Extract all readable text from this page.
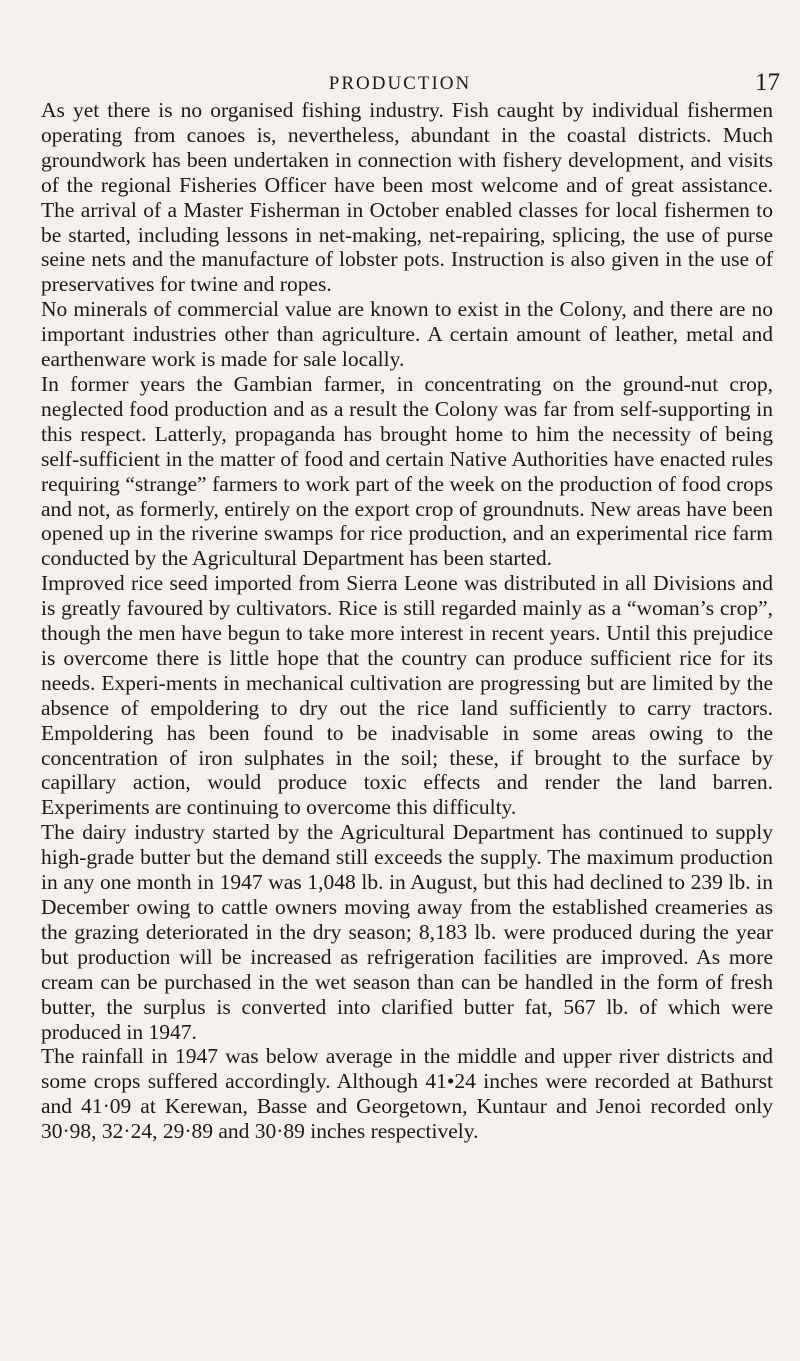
PRODUCTION	17

As yet there is no organised fishing industry. Fish caught by individual fishermen operating from canoes is, nevertheless, abundant in the coastal districts. Much groundwork has been undertaken in connection with fishery development, and visits of the regional Fisheries Officer have been most welcome and of great assistance. The arrival of a Master Fisherman in October enabled classes for local fishermen to be started, including lessons in net-making, net-repairing, splicing, the use of purse seine nets and the manufacture of lobster pots. Instruction is also given in the use of preservatives for twine and ropes.

No minerals of commercial value are known to exist in the Colony, and there are no important industries other than agriculture. A certain amount of leather, metal and earthenware work is made for sale locally.

In former years the Gambian farmer, in concentrating on the ground-nut crop, neglected food production and as a result the Colony was far from self-supporting in this respect. Latterly, propaganda has brought home to him the necessity of being self-sufficient in the matter of food and certain Native Authorities have enacted rules requiring “strange” farmers to work part of the week on the production of food crops and not, as formerly, entirely on the export crop of groundnuts. New areas have been opened up in the riverine swamps for rice production, and an experimental rice farm conducted by the Agricultural Department has been started.

Improved rice seed imported from Sierra Leone was distributed in all Divisions and is greatly favoured by cultivators. Rice is still regarded mainly as a “woman’s crop”, though the men have begun to take more interest in recent years. Until this prejudice is overcome there is little hope that the country can produce sufficient rice for its needs. Experi-ments in mechanical cultivation are progressing but are limited by the absence of empoldering to dry out the rice land sufficiently to carry tractors. Empoldering has been found to be inadvisable in some areas owing to the concentration of iron sulphates in the soil; these, if brought to the surface by capillary action, would produce toxic effects and render the land barren. Experiments are continuing to overcome this difficulty.

The dairy industry started by the Agricultural Department has continued to supply high-grade butter but the demand still exceeds the supply. The maximum production in any one month in 1947 was 1,048 lb. in August, but this had declined to 239 lb. in December owing to cattle owners moving away from the established creameries as the grazing deteriorated in the dry season; 8,183 lb. were produced during the year but production will be increased as refrigeration facilities are improved. As more cream can be purchased in the wet season than can be handled in the form of fresh butter, the surplus is converted into clarified butter fat, 567 lb. of which were produced in 1947.

The rainfall in 1947 was below average in the middle and upper river districts and some crops suffered accordingly. Although 41•24 inches were recorded at Bathurst and 41·09 at Kerewan, Basse and Georgetown, Kuntaur and Jenoi recorded only 30·98, 32·24, 29·89 and 30·89 inches respectively.
